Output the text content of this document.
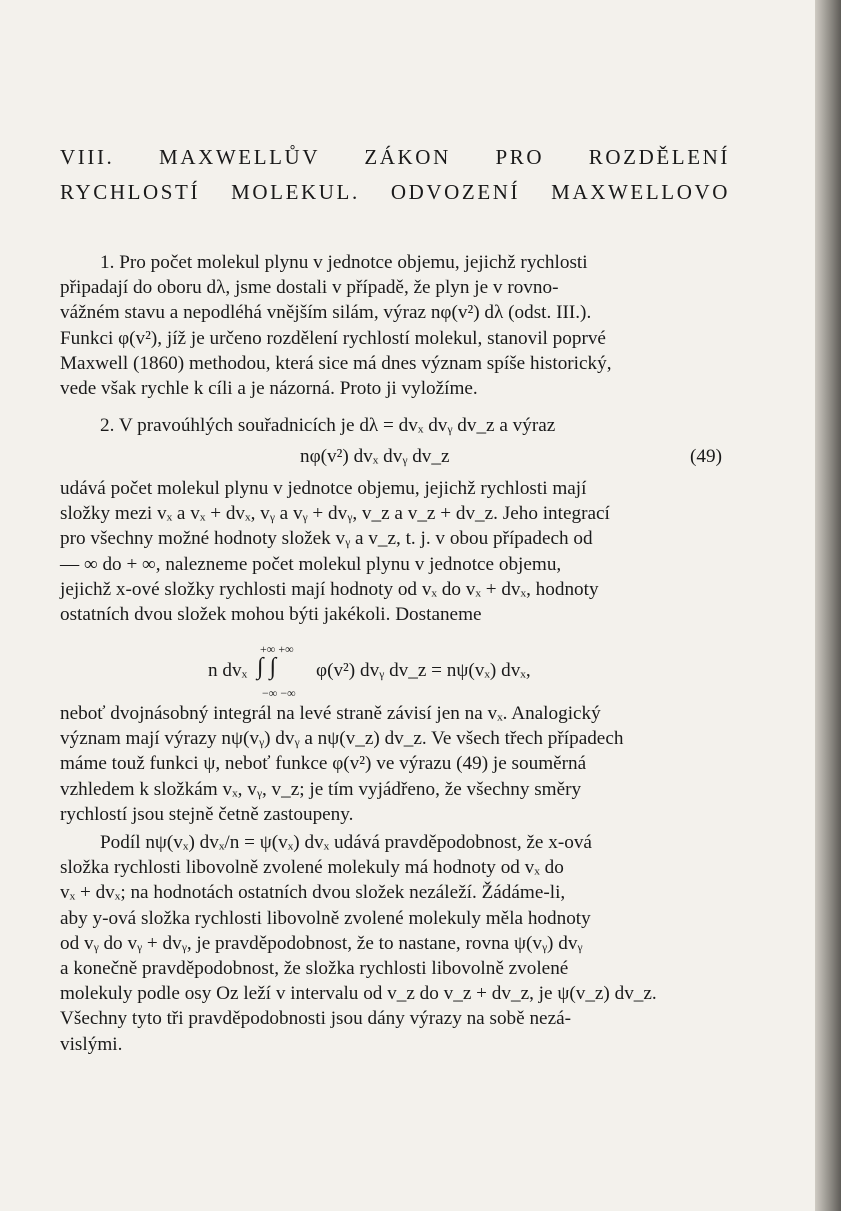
VIII. MAXWELLŮV ZÁKON PRO ROZDĚLENÍ
RYCHLOSTÍ MOLEKUL. ODVOZENÍ MAXWELLOVO
1. Pro počet molekul plynu v jednotce objemu, jejichž rychlosti
připadají do oboru dλ, jsme dostali v případě, že plyn je v rovno-
vážném stavu a nepodléhá vnějším silám, výraz nφ(v²) dλ (odst. III.).
Funkci φ(v²), jíž je určeno rozdělení rychlostí molekul, stanovil poprvé
Maxwell (1860) methodou, která sice má dnes význam spíše historický,
vede však rychle k cíli a je názorná. Proto ji vyložíme.
2. V pravoúhlých souřadnicích je dλ = dvₓ dvᵧ dv_z a výraz
nφ(v²) dvₓ dvᵧ dv_z	(49)
udává počet molekul plynu v jednotce objemu, jejichž rychlosti mají
složky mezi vₓ a vₓ + dvₓ, vᵧ a vᵧ + dvᵧ, v_z a v_z + dv_z. Jeho integrací
pro všechny možné hodnoty složek vᵧ a v_z, t. j. v obou případech od
— ∞ do + ∞, nalezneme počet molekul plynu v jednotce objemu,
jejichž x-ové složky rychlosti mají hodnoty od vₓ do vₓ + dvₓ, hodnoty
ostatních dvou složek mohou býti jakékoli. Dostaneme
+∞ +∞
n dvₓ ∫ ∫ φ(v²) dvᵧ dv_z = nψ(vₓ) dvₓ,
−∞ −∞
neboť dvojnásobný integrál na levé straně závisí jen na vₓ. Analogický
význam mají výrazy nψ(vᵧ) dvᵧ a nψ(v_z) dv_z. Ve všech třech případech
máme touž funkci ψ, neboť funkce φ(v²) ve výrazu (49) je souměrná
vzhledem k složkám vₓ, vᵧ, v_z; je tím vyjádřeno, že všechny směry
rychlostí jsou stejně četně zastoupeny.
Podíl nψ(vₓ) dvₓ/n = ψ(vₓ) dvₓ udává pravděpodobnost, že x-ová
složka rychlosti libovolně zvolené molekuly má hodnoty od vₓ do
vₓ + dvₓ; na hodnotách ostatních dvou složek nezáleží. Žádáme-li,
aby y-ová složka rychlosti libovolně zvolené molekuly měla hodnoty
od vᵧ do vᵧ + dvᵧ, je pravděpodobnost, že to nastane, rovna ψ(vᵧ) dvᵧ
a konečně pravděpodobnost, že složka rychlosti libovolně zvolené
molekuly podle osy Oz leží v intervalu od v_z do v_z + dv_z, je ψ(v_z) dv_z.
Všechny tyto tři pravděpodobnosti jsou dány výrazy na sobě nezá-
vislými.
